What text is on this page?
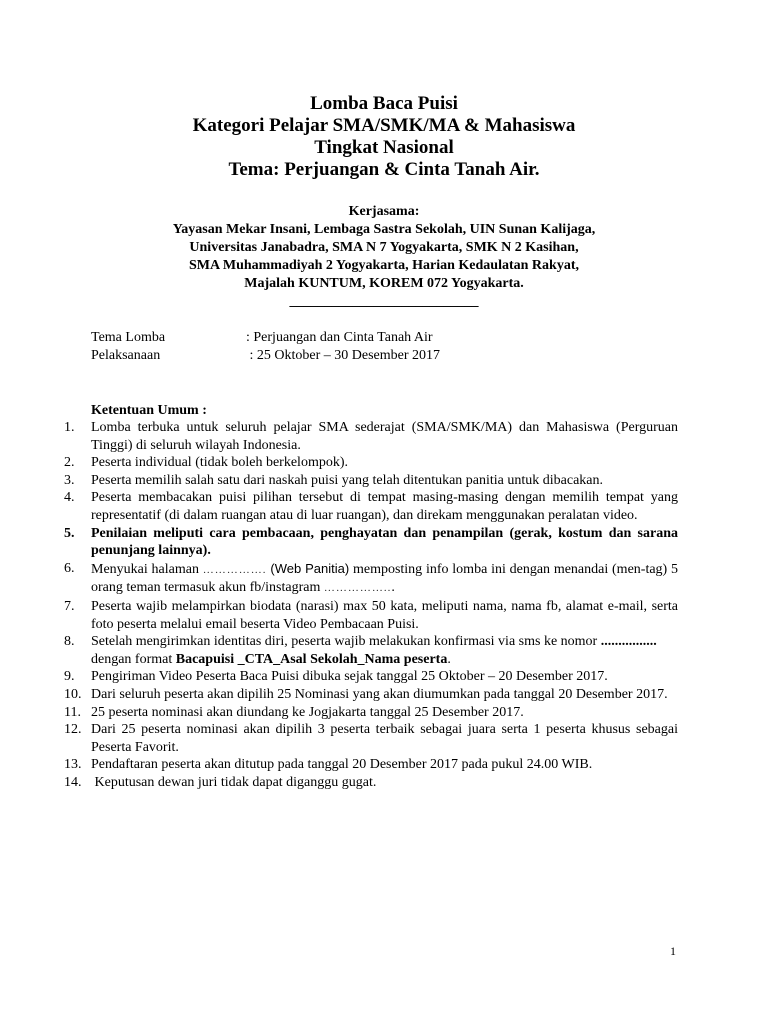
Lomba Baca Puisi
Kategori Pelajar SMA/SMK/MA & Mahasiswa
Tingkat Nasional
Tema: Perjuangan & Cinta Tanah Air.
Kerjasama:
Yayasan Mekar Insani, Lembaga Sastra Sekolah, UIN Sunan Kalijaga,
Universitas Janabadra, SMA N 7 Yogyakarta, SMK N 2 Kasihan,
SMA Muhammadiyah 2 Yogyakarta, Harian Kedaulatan Rakyat,
Majalah KUNTUM, KOREM 072 Yogyakarta.
___________________________
Tema Lomba	: Perjuangan dan Cinta Tanah Air
Pelaksanaan	: 25 Oktober – 30 Desember 2017
Ketentuan Umum :
1.	Lomba terbuka untuk seluruh pelajar SMA sederajat (SMA/SMK/MA) dan Mahasiswa (Perguruan Tinggi) di seluruh wilayah Indonesia.
2.	Peserta individual (tidak boleh berkelompok).
3.	Peserta memilih salah satu dari naskah puisi yang telah ditentukan panitia untuk dibacakan.
4.	Peserta membacakan puisi pilihan tersebut di tempat masing-masing dengan memilih tempat yang representatif (di dalam ruangan atau di luar ruangan), dan direkam menggunakan peralatan video.
5.	Penilaian meliputi cara pembacaan, penghayatan dan penampilan (gerak, kostum dan sarana penunjang lainnya).
6.	Menyukai halaman ……………. (Web Panitia) memposting info lomba ini dengan menandai (men-tag) 5 orang teman termasuk akun fb/instagram ……………...
7.	Peserta wajib melampirkan biodata (narasi) max 50 kata, meliputi nama, nama fb, alamat e-mail, serta foto peserta melalui email beserta Video Pembacaan Puisi.
8.	Setelah mengirimkan identitas diri, peserta wajib melakukan konfirmasi via sms ke nomor ................ dengan format Bacapuisi _CTA_Asal Sekolah_Nama peserta.
9.	Pengiriman Video Peserta Baca Puisi dibuka sejak tanggal 25 Oktober – 20 Desember 2017.
10. Dari seluruh peserta akan dipilih 25 Nominasi yang akan diumumkan pada tanggal 20 Desember 2017.
11. 25 peserta nominasi akan diundang ke Jogjakarta tanggal 25 Desember 2017.
12. Dari 25 peserta nominasi akan dipilih 3 peserta terbaik sebagai juara serta 1 peserta khusus sebagai Peserta Favorit.
13. Pendaftaran peserta akan ditutup pada tanggal 20 Desember 2017 pada pukul 24.00 WIB.
14. Keputusan dewan juri tidak dapat diganggu gugat.
1
